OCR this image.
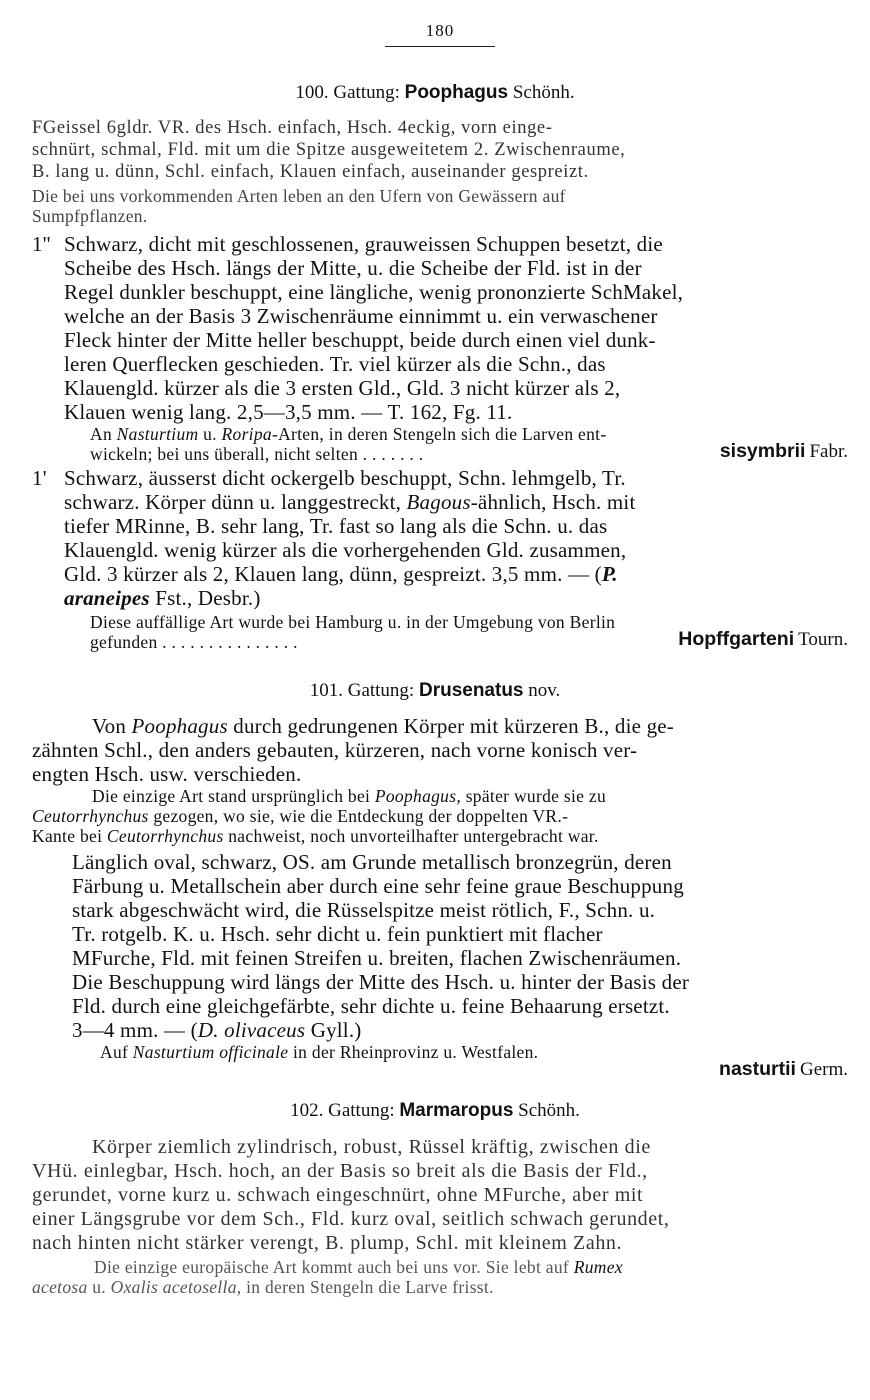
180
100. Gattung: Poophagus Schönh.
FGeissel 6gldr. VR. des Hsch. einfach, Hsch. 4eckig, vorn einge-
schnürt, schmal, Fld. mit um die Spitze ausgeweitetem 2. Zwischenraume,
B. lang u. dünn, Schl. einfach, Klauen einfach, auseinander gespreizt.
Die bei uns vorkommenden Arten leben an den Ufern von Gewässern auf
Sumpfpflanzen.
1'' Schwarz, dicht mit geschlossenen, grauweissen Schuppen besetzt, die
Scheibe des Hsch. längs der Mitte, u. die Scheibe der Fld. ist in der
Regel dunkler beschuppt, eine längliche, wenig prononzierte SchMakel,
welche an der Basis 3 Zwischenräume einnimmt u. ein verwaschener
Fleck hinter der Mitte heller beschuppt, beide durch einen viel dunk-
leren Querflecken geschieden. Tr. viel kürzer als die Schn., das
Klauengld. kürzer als die 3 ersten Gld., Gld. 3 nicht kürzer als 2,
Klauen wenig lang. 2,5—3,5 mm. — T. 162, Fg. 11.
An Nasturtium u. Roripa-Arten, in deren Stengeln sich die Larven ent-
wickeln; bei uns überall, nicht selten . . . . . . .	sisymbrii Fabr.
1' Schwarz, äusserst dicht ockergelb beschuppt, Schn. lehmgelb, Tr.
schwarz. Körper dünn u. langgestreckt, Bagous-ähnlich, Hsch. mit
tiefer MRinne, B. sehr lang, Tr. fast so lang als die Schn. u. das
Klauengld. wenig kürzer als die vorhergehenden Gld. zusammen,
Gld. 3 kürzer als 2, Klauen lang, dünn, gespreizt. 3,5 mm. — (P.
araneipes Fst., Desbr.)
Diese auffällige Art wurde bei Hamburg u. in der Umgebung von Berlin
gefunden . . . . . . . . . . . . . . .	Hopffgarteni Tourn.
101. Gattung: Drusenatus nov.
Von Poophagus durch gedrungenen Körper mit kürzeren B., die ge-
zähnten Schl., den anders gebauten, kürzeren, nach vorne konisch ver-
engten Hsch. usw. verschieden.
Die einzige Art stand ursprünglich bei Poophagus, später wurde sie zu
Ceutorrhynchus gezogen, wo sie, wie die Entdeckung der doppelten VR.-
Kante bei Ceutorrhynchus nachweist, noch unvorteilhafter untergebracht war.
Länglich oval, schwarz, OS. am Grunde metallisch bronzegrün, deren
Färbung u. Metallschein aber durch eine sehr feine graue Beschuppung
stark abgeschwächt wird, die Rüsselspitze meist rötlich, F., Schn. u.
Tr. rotgelb. K. u. Hsch. sehr dicht u. fein punktiert mit flacher
MFurche, Fld. mit feinen Streifen u. breiten, flachen Zwischenräumen.
Die Beschuppung wird längs der Mitte des Hsch. u. hinter der Basis der
Fld. durch eine gleichgefärbte, sehr dichte u. feine Behaarung ersetzt.
3—4 mm. — (D. olivaceus Gyll.)
Auf Nasturtium officinale in der Rheinprovinz u. Westfalen.
nasturtii Germ.
102. Gattung: Marmaropus Schönh.
Körper ziemlich zylindrisch, robust, Rüssel kräftig, zwischen die
VHü. einlegbar, Hsch. hoch, an der Basis so breit als die Basis der Fld.,
gerundet, vorne kurz u. schwach eingeschnürt, ohne MFurche, aber mit
einer Längsgrube vor dem Sch., Fld. kurz oval, seitlich schwach gerundet,
nach hinten nicht stärker verengt, B. plump, Schl. mit kleinem Zahn.
Die einzige europäische Art kommt auch bei uns vor. Sie lebt auf Rumex
acetosa u. Oxalis acetosella, in deren Stengeln die Larve frisst.
